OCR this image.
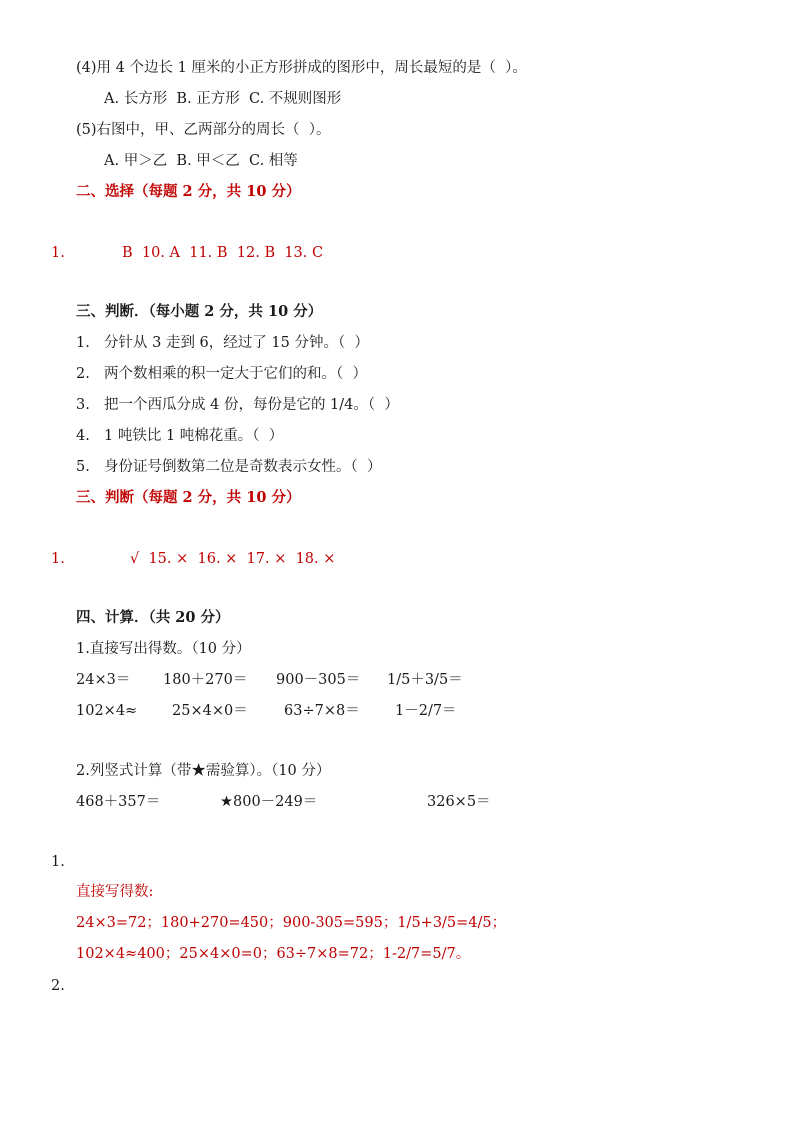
(4)用 4 个边长 1 厘米的小正方形拼成的图形中，周长最短的是（  ）。
A. 长方形  B. 正方形  C. 不规则图形
(5)右图中，甲、乙两部分的周长（  ）。
A. 甲＞乙  B. 甲＜乙  C. 相等
二、选择（每题 2 分，共 10 分）
1.	B  10. A  11. B  12. B  13. C
三、判断．（每小题 2 分，共 10 分）
1. 分针从 3 走到 6，经过了 15 分钟。（  ）
2. 两个数相乘的积一定大于它们的和。（  ）
3. 把一个西瓜分成 4 份，每份是它的 1/4。（  ）
4. 1 吨铁比 1 吨棉花重。（  ）
5. 身份证号倒数第二位是奇数表示女性。（  ）
三、判断（每题 2 分，共 10 分）
1.	√  15. ×  16. ×  17. ×  18. ×
四、计算．（共 20 分）
1.直接写出得数。（10 分）
24×3＝ 180＋270＝ 900－305＝ 1/5＋3/5＝
102×4≈ 25×4×0＝	63÷7×8＝ 1－2/7＝
2.列竖式计算（带★需验算）。（10 分）
468＋357＝	★800－249＝	326×5＝
1.
直接写得数:
24×3=72；180+270=450；900-305=595；1/5+3/5=4/5；
102×4≈400；25×4×0=0；63÷7×8=72；1-2/7=5/7。
2.
